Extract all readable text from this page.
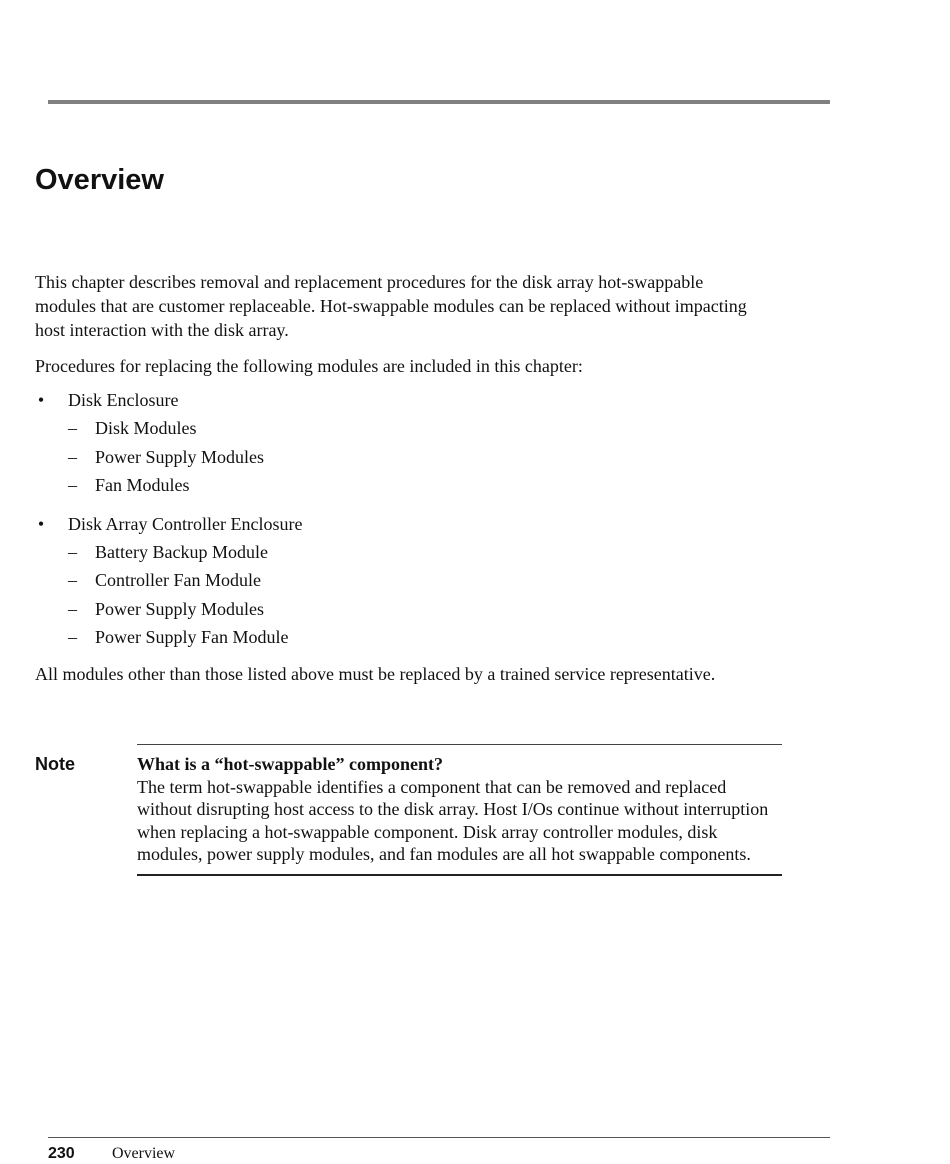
Overview

This chapter describes removal and replacement procedures for the disk array hot-swappable modules that are customer replaceable. Hot-swappable modules can be replaced without impacting host interaction with the disk array.

Procedures for replacing the following modules are included in this chapter:

• Disk Enclosure
– Disk Modules
– Power Supply Modules
– Fan Modules
• Disk Array Controller Enclosure
– Battery Backup Module
– Controller Fan Module
– Power Supply Modules
– Power Supply Fan Module

All modules other than those listed above must be replaced by a trained service representative.

Note	What is a “hot-swappable” component?

The term hot-swappable identifies a component that can be removed and replaced without disrupting host access to the disk array. Host I/Os continue without interruption when replacing a hot-swappable component. Disk array controller modules, disk modules, power supply modules, and fan modules are all hot swappable components.

230 Overview
